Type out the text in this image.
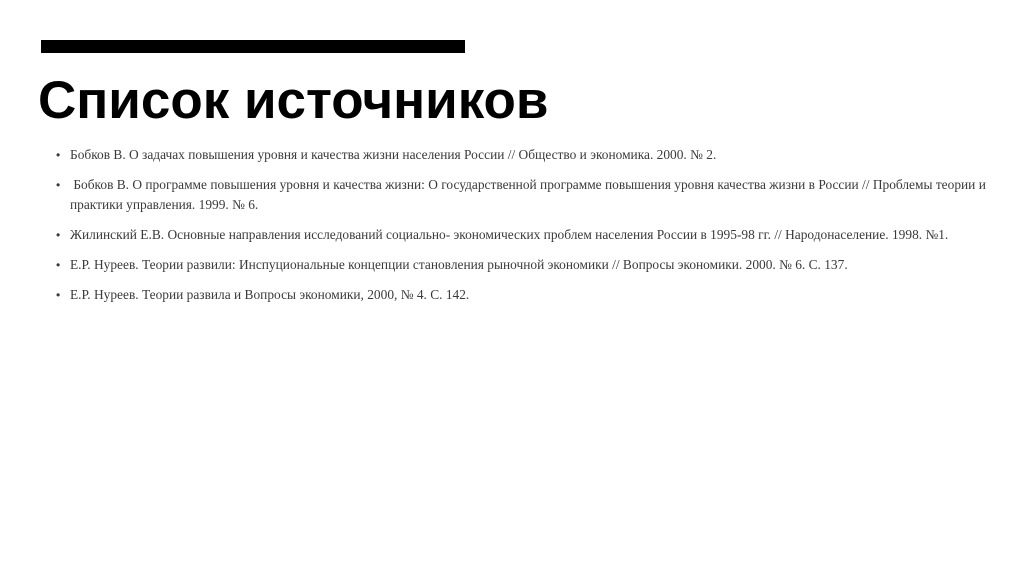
Список источников
• Бобков В. О задачах повышения уровня и качества жизни населения России // Общество и экономика. 2000. № 2.
• Бобков В. О программе повышения уровня и качества жизни: О государственной программе повышения уровня качества жизни в России // Проблемы теории и практики управления. 1999. № 6.
• Жилинский Е.В. Основные направления исследований социально- экономических проблем населения России в 1995-98 гг. // Народонаселение. 1998. №1.
• Е.Р. Нуреев. Теории развили: Инспуциональные концепции становления рыночной экономики // Вопросы экономики. 2000. № 6. С. 137.
• Е.Р. Нуреев. Теории развила и Вопросы экономики, 2000, № 4. С. 142.
